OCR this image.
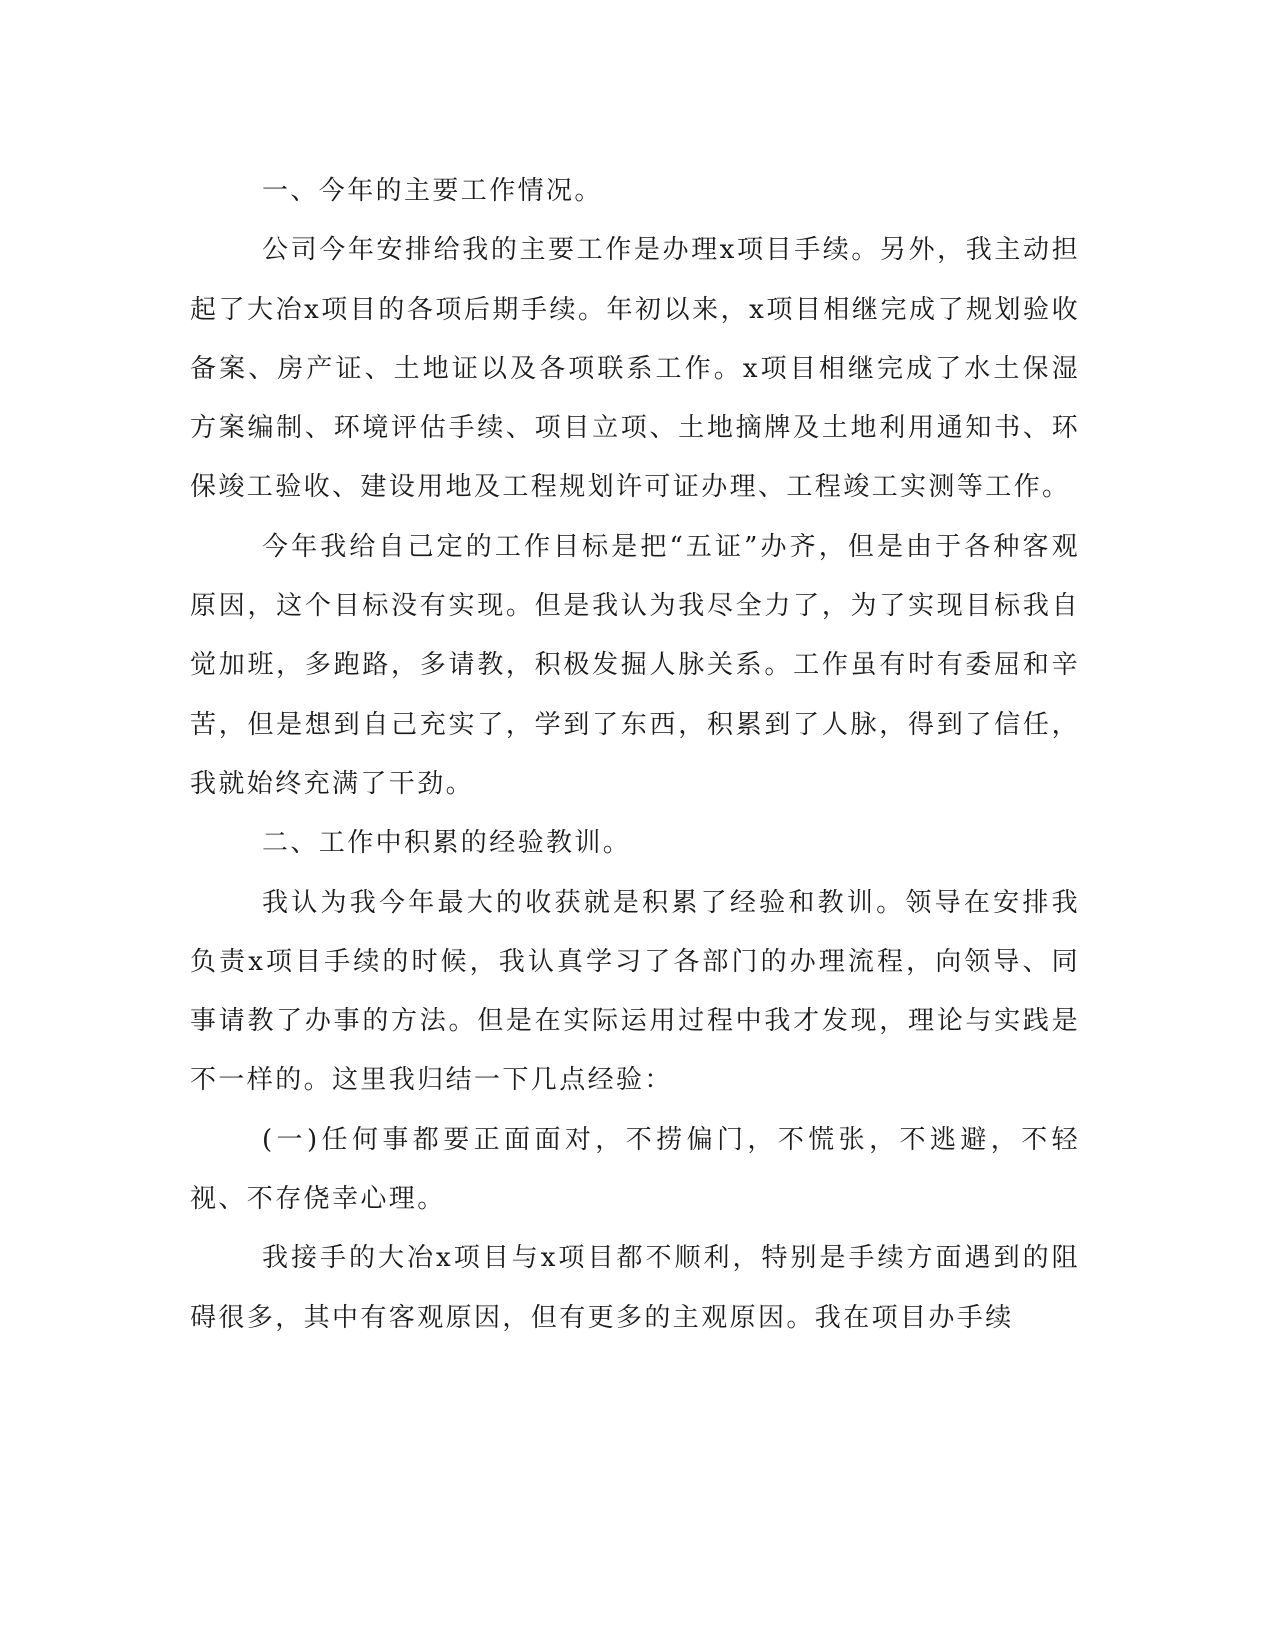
一、今年的主要工作情况。

公司今年安排给我的主要工作是办理x项目手续。另外，我主动担起了大冶x项目的各项后期手续。年初以来，x项目相继完成了规划验收备案、房产证、土地证以及各项联系工作。x项目相继完成了水土保湿方案编制、环境评估手续、项目立项、土地摘牌及土地利用通知书、环保竣工验收、建设用地及工程规划许可证办理、工程竣工实测等工作。

今年我给自己定的工作目标是把“五证”办齐，但是由于各种客观原因，这个目标没有实现。但是我认为我尽全力了，为了实现目标我自觉加班，多跑路，多请教，积极发掘人脉关系。工作虽有时有委屈和辛苦，但是想到自己充实了，学到了东西，积累到了人脉，得到了信任，我就始终充满了干劲。

二、工作中积累的经验教训。

我认为我今年最大的收获就是积累了经验和教训。领导在安排我负责x项目手续的时候，我认真学习了各部门的办理流程，向领导、同事请教了办事的方法。但是在实际运用过程中我才发现，理论与实践是不一样的。这里我归结一下几点经验：

(一)任何事都要正面面对，不捞偏门，不慌张，不逃避，不轻视、不存侥幸心理。

我接手的大冶x项目与x项目都不顺利，特别是手续方面遇到的阻碍很多，其中有客观原因，但有更多的主观原因。我在项目办手续
